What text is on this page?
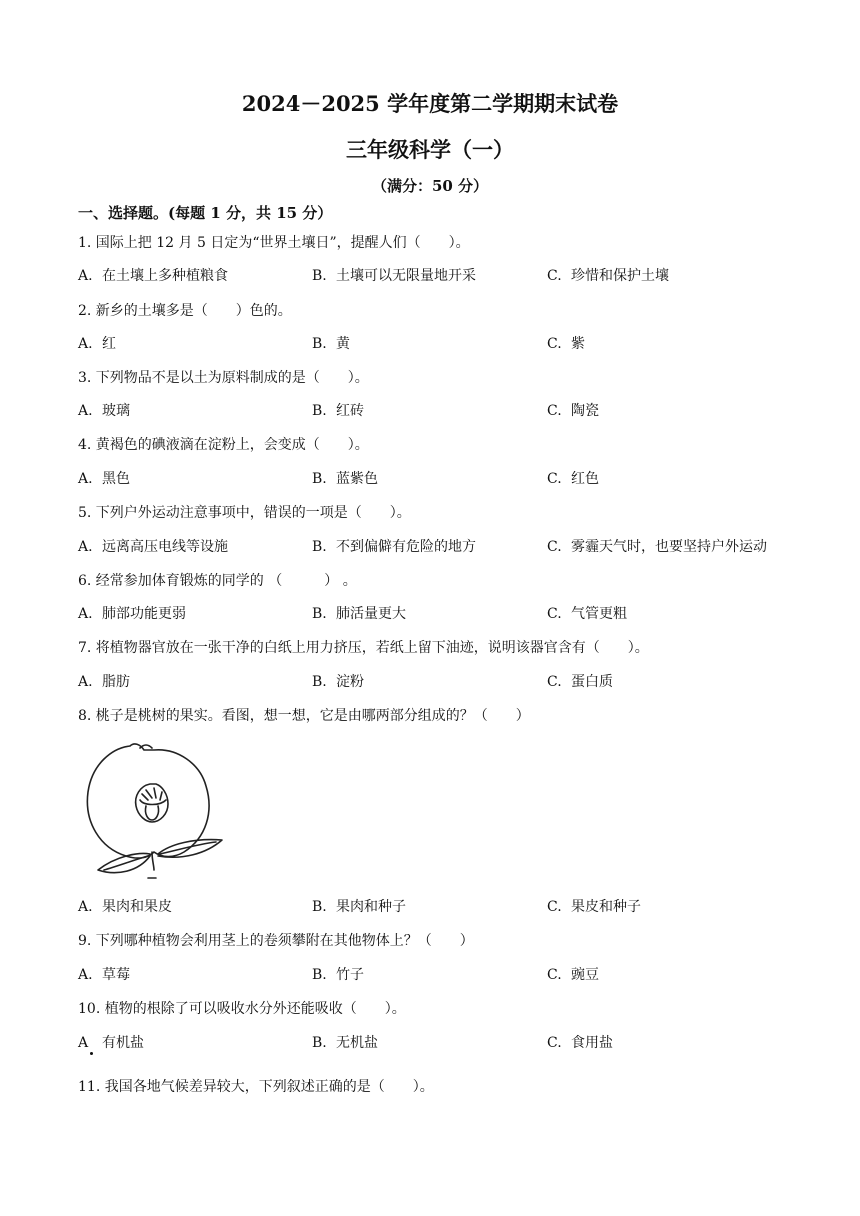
2024－2025 学年度第二学期期末试卷
三年级科学（一）
（满分：50 分）
一、选择题。(每题 1 分，共 15 分）
1. 国际上把 12 月 5 日定为“世界土壤日”，提醒人们（　　）。
A. 在土壤上多种植粮食	B. 土壤可以无限量地开采	C. 珍惜和保护土壤
2. 新乡的土壤多是（　　）色的。
A. 红	B. 黄	C. 紫
3. 下列物品不是以土为原料制成的是（　　）。
A. 玻璃	B. 红砖	C. 陶瓷
4. 黄褐色的碘液滴在淀粉上，会变成（　　）。
A. 黑色	B. 蓝紫色	C. 红色
5. 下列户外运动注意事项中，错误的一项是（　　）。
A. 远离高压电线等设施	B. 不到偏僻有危险的地方	C. 雾霾天气时，也要坚持户外运动
6. 经常参加体育锻炼的同学的 （　　　） 。
A. 肺部功能更弱	B. 肺活量更大	C. 气管更粗
7. 将植物器官放在一张干净的白纸上用力挤压，若纸上留下油迹，说明该器官含有（　　）。
A. 脂肪	B. 淀粉	C. 蛋白质
8. 桃子是桃树的果实。看图，想一想，它是由哪两部分组成的？（　　）
A. 果肉和果皮	B. 果肉和种子	C. 果皮和种子
9. 下列哪种植物会利用茎上的卷须攀附在其他物体上？（　　）
A. 草莓	B. 竹子	C. 豌豆
10. 植物的根除了可以吸收水分外还能吸收（　　）。
A 有机盐	B. 无机盐	C. 食用盐
11. 我国各地气候差异较大，下列叙述正确的是（　　）。
